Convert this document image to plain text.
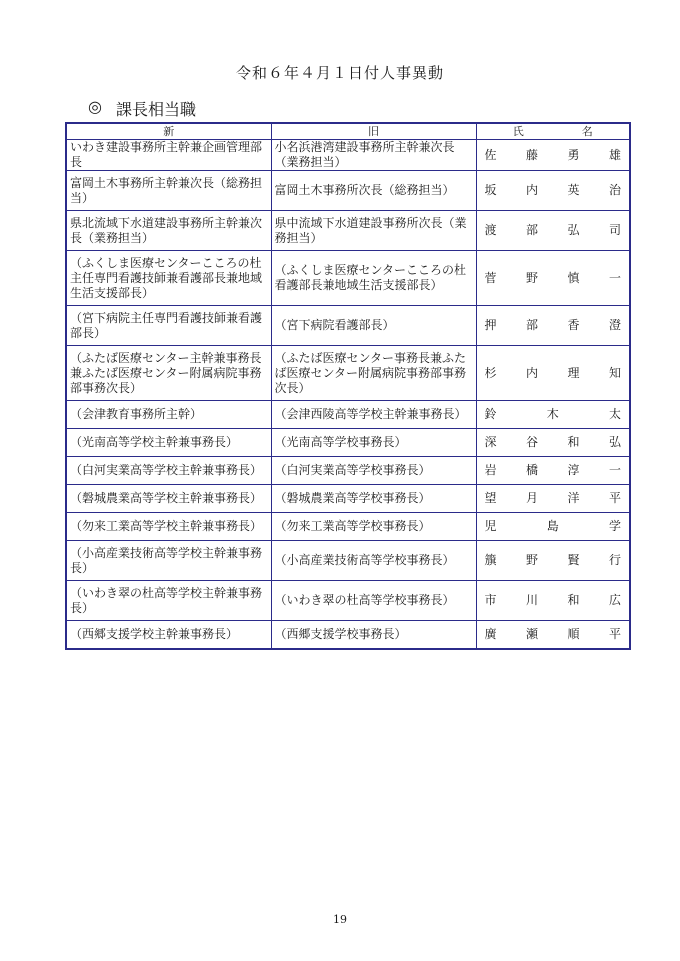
令和６年４月１日付人事異動
◎ 課長相当職
新	旧	氏 名

いわき建設事務所主幹兼企画管理部長	小名浜港湾建設事務所主幹兼次長（業務担当）	佐 藤 勇 雄

富岡土木事務所主幹兼次長（総務担当）	富岡土木事務所次長（総務担当）	坂 内 英 治

県北流域下水道建設事務所主幹兼次長（業務担当）	県中流域下水道建設事務所次長（業務担当）	渡 部 弘 司

（ふくしま医療センターこころの杜主任専門看護技師兼看護部長兼地域生活支援部長）	（ふくしま医療センターこころの杜看護部長兼地域生活支援部長）	菅 野 慎 一

（宮下病院主任専門看護技師兼看護部長）	（宮下病院看護部長）	押 部 香 澄

（ふたば医療センター主幹兼事務長兼ふたば医療センター附属病院事務部事務次長）	（ふたば医療センター事務長兼ふたば医療センター附属病院事務部事務次長）	杉 内 理 知

（会津教育事務所主幹）	（会津西陵高等学校主幹兼事務長）	鈴 木 太

（光南高等学校主幹兼事務長）	（光南高等学校事務長）	深 谷 和 弘

（白河実業高等学校主幹兼事務長）	（白河実業高等学校事務長）	岩 橋 淳 一

（磐城農業高等学校主幹兼事務長）	（磐城農業高等学校事務長）	望 月 洋 平

（勿来工業高等学校主幹兼事務長）	（勿来工業高等学校事務長）	児 島 学

（小高産業技術高等学校主幹兼事務長）	（小高産業技術高等学校事務長）	籏 野 賢 行

（いわき翠の杜高等学校主幹兼事務長）	（いわき翠の杜高等学校事務長）	市 川 和 広

（西郷支援学校主幹兼事務長）	（西郷支援学校事務長）	廣 瀬 順 平
19
